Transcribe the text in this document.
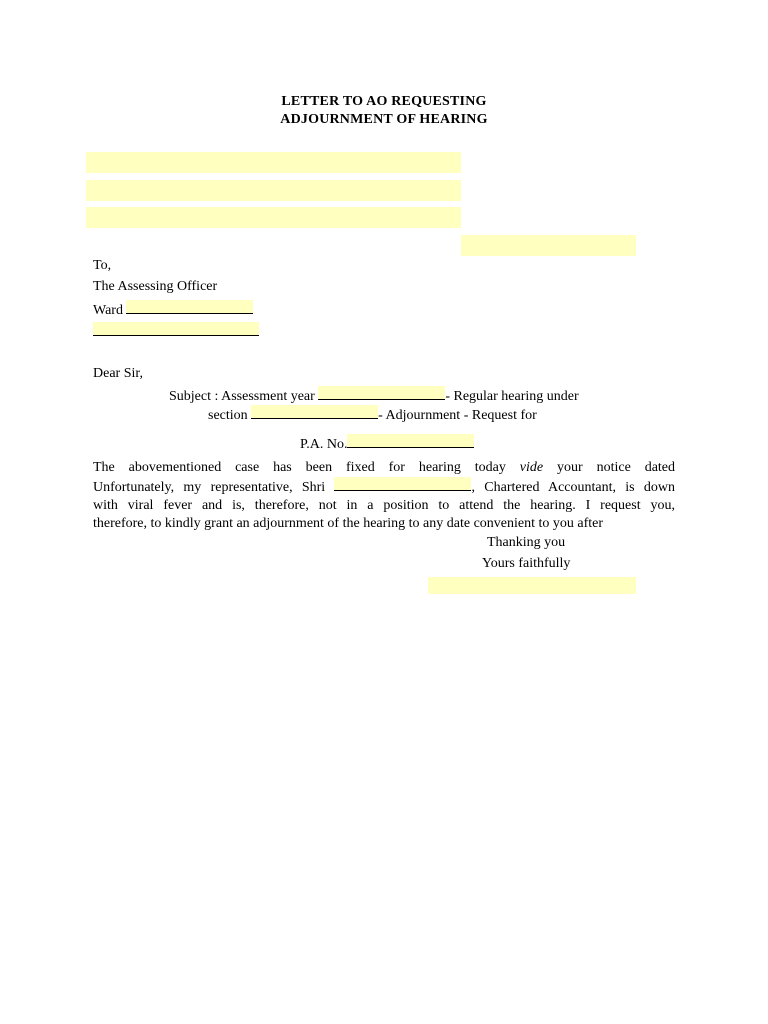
LETTER TO AO REQUESTING
ADJOURNMENT OF HEARING
To,
The Assessing Officer
Ward
Dear Sir,
Subject : Assessment year	- Regular hearing under
section	- Adjournment - Request for
P.A. No.
The abovementioned case has been fixed for hearing today vide your notice dated
Unfortunately, my representative, Shri	, Chartered Accountant, is down
with viral fever and is, therefore, not in a position to attend the hearing. I request you,
therefore, to kindly grant an adjournment of the hearing to any date convenient to you after
Thanking you
Yours faithfully
